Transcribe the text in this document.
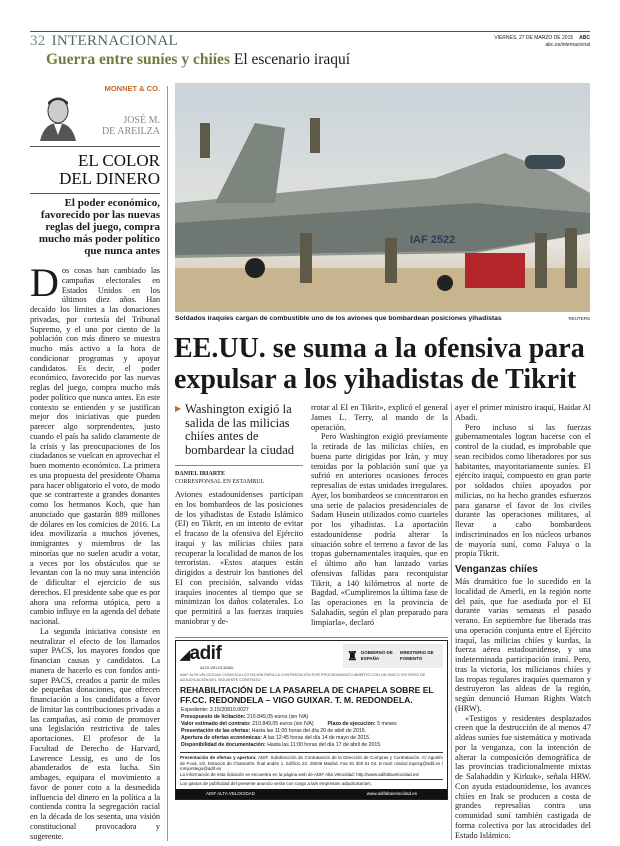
32 INTERNACIONAL
Guerra entre suníes y chiíes El escenario iraquí
VIERNES, 27 DE MARZO DE 2015 ABC
abc.es/internacional
MONNET & CO.
JOSÉ M.
DE AREILZA
EL COLOR
DEL DINERO
El poder económico, favorecido por las nuevas reglas del juego, compra mucho más poder político que nunca antes

Dos cosas han cambiado las campañas electorales en Estados Unidos en los últimos diez años. Han decaído los límites a las donaciones privadas, por cortesía del Tribunal Supremo, y el uno por ciento de la población con más dinero se muestra mucho más activo a la hora de condicionar programas y apoyar candidatos. Es decir, el poder económico, favorecido por las nuevas reglas del juego, compra mucho más poder político que nunca antes. En este contexto se entienden y se justifican mejor dos iniciativas que pueden parecer algo sorprendentes, justo cuando el país ha salido claramente de la crisis y las preocupaciones de los ciudadanos se vuelcan en aprovechar el buen momento económico. La primera es una propuesta del presidente Obama para hacer obligatorio el voto, de modo que se contrarreste a grandes donantes como los hermanos Koch, que han anunciado que gastarán 889 millones de dólares en los comicios de 2016. La idea movilizaría a muchos jóvenes, inmigrantes y miembros de las minorías que no suelen acudir a votar, a veces por los obstáculos que se levantan con la no muy sana intención de dificultar el ejercicio de sus derechos. El presidente sabe que es por ahora una reforma utópica, pero a cambio influye en la agenda del debate nacional.

La segunda iniciativa consiste en neutralizar el efecto de los llamados super PACS, los mayores fondos que financian causas y candidatos. La manera de hacerlo es con fondos anti-super PACS, creados a partir de miles de pequeñas donaciones, que ofrecen financiación a los candidatos a favor de limitar las contribuciones privadas a las campañas, así como de promover una legislación restrictiva de tales aportaciones. El profesor de la Facultad de Derecho de Harvard, Lawrence Lessig, es uno de los abanderados de esta lucha. Sin ambages, equipara el movimiento a favor de poner coto a la desmedida influencia del dinero en la política a la contienda contra la segregación racial en la década de los sesenta, una visión constitucional provocadora y sugerente.

IAF 2522
Soldados iraquíes cargan de combustible uno de los aviones que bombardean posiciones yihadistas	REUTERS
EE.UU. se suma a la ofensiva para
expulsar a los yihadistas de Tikrit
▶ Washington exigió la salida de las milicias chiíes antes de bombardear la ciudad
DANIEL IRIARTE
CORRESPONSAL EN ESTAMBUL

Aviones estadounidenses participan en los bombardeos de las posiciones de los yihadistas de Estado Islámico (EI) en Tikrit, en un intento de evitar el fracaso de la ofensiva del Ejército iraquí y las milicias chiíes para recuperar la localidad de manos de los terroristas. «Estos ataques están dirigidos a destruir los bastiones del EI con precisión, salvando vidas iraquíes inocentes al tiempo que se minimizan los daños colaterales. Lo que permitirá a las fuerzas iraquíes maniobrar y de-

rrotar al EI en Tikrit», explicó el general James L. Terry, al mando de la operación.

Pero Washington exigió previamente la retirada de las milicias chiíes, en buena parte dirigidas por Irán, y muy temidas por la población suní que ya sufrió en anteriores ocasiones feroces represalias de estas unidades irregulares. Ayer, los bombardeos se concentraron en una serie de palacios presidenciales de Sadam Husein utilizados como cuarteles por los yihadistas. La aportación estadounidense podría alterar la situación sobre el terreno a favor de las tropas gubernamentales iraquíes, que en el último año han lanzado varias ofensivas fallidas para reconquistar Tikrit, a 140 kilómetros al norte de Bagdad. «Cumpliremos la última fase de las operaciones en la provincia de Salahadín, según el plan preparado para limpiarla», declaró

ayer el primer ministro iraquí, Haidar Al Abadi.

Pero incluso si las fuerzas gubernamentales logran hacerse con el control de la ciudad, es improbable que sean recibidos como liberadores por sus habitantes, mayoritariamente suníes. El ejército iraquí, compuesto en gran parte por soldados chiíes apoyados por milicias, no ha hecho grandes esfuerzos para ganarse el favor de los civiles durante las operaciones militares, al llevar a cabo bombardeos indiscriminados en los núcleos urbanos de mayoría suní, como Faluya o la propia Tikrit.

Venganzas chiíes

Más dramático fue lo sucedido en la localidad de Amerli, en la región norte del país, que fue asediada por el EI durante varias semanas el pasado verano. En septiembre fue liberada tras una operación conjunta entre el Ejército iraquí, las milicias chiíes y kurdas, la fuerza aérea estadounidense, y una indeterminada participación iraní. Pero, tras la victoria, los milicianos chiíes y las tropas regulares iraquíes quemaron y destruyeron las aldeas de la región, según denunció Human Rights Watch (HRW).

«Testigos y residentes desplazados creen que la destrucción de al menos 47 aldeas suníes fue sistemática y motivada por la venganza, con la intención de alterar la composición demográfica de las provincias tradicionalmente mixtas de Salahaddin y Kirkuk», señala HRW. Con ayuda estadounidense, los avances chiíes en Irak se producen a costa de grandes represalias contra una comunidad suní también castigada de forma colectiva por las atrocidades del Estado Islámico.

◢adif
ALTA VELOCIDAD
♜ GOBIERNO DE ESPAÑA
MINISTERIO DE FOMENTO
ADIF ALTA VELOCIDAD CONVOCA LICITACIÓN PARA LA CONTRATACIÓN POR PROCEDIMIENTO ABIERTO CON UN ÚNICO CRITERIO DE ADJUDICACIÓN DEL SIGUIENTE CONTRATO:
REHABILITACIÓN DE LA PASARELA DE CHAPELA SOBRE EL FF.CC. REDONDELA – VIGO GUIXAR. T. M. REDONDELA.
Expediente: 3.15/20810.0027
Presupuesto de licitación: 210.849,05 euros (sin IVA)
Valor estimado del contrato: 210.849,05 euros (sin IVA)	Plazo de ejecución: 5 meses
Presentación de las ofertas: Hasta las 11:00 horas del día 20 de abril de 2015.
Apertura de ofertas económicas: A las 12:45 horas del día 14 de mayo de 2015.
Disponibilidad de documentación: Hasta las 11:00 horas del día 17 de abril de 2015.
Presentación de ofertas y apertura: ADIF. Subdirección de Contratación de la Dirección de Compras y Contratación. C/ Agustín de Foxá, s/n. Estación de Chamartín, final andén 1. Edificio 22. 28036 Madrid. Fax 91 300 61 04. E-mail: mariaz.lopezg@adif.es / mmjontiego@adif.es
La información de esta licitación se encuentra en la página web de ADIF Alta Velocidad: http://www.adifaltavelocidad.es/
Los gastos de publicidad del presente anuncio serán con cargo a la/s empresa/s adjudicataria/s.
ADIF ALTA VELOCIDAD	www.adifaltavelocidad.es
